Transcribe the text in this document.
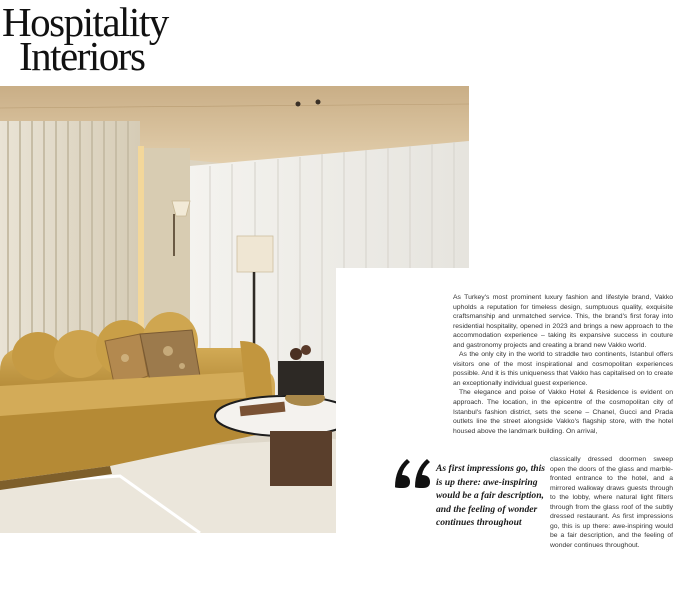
Hospitality
Interiors

As Turkey's most prominent luxury fashion and lifestyle brand, Vakko upholds a reputation for timeless design, sumptuous quality, exquisite craftsmanship and unmatched service. This, the brand's first foray into residential hospitality, opened in 2023 and brings a new approach to the accommodation experience – taking its expansive success in couture and gastronomy projects and creating a brand new Vakko world.

As the only city in the world to straddle two continents, Istanbul offers visitors one of the most inspirational and cosmopolitan experiences possible. And it is this uniqueness that Vakko has capitalised on to create an exceptionally individual guest experience.

The elegance and poise of Vakko Hotel & Residence is evident on approach. The location, in the epicentre of the cosmopolitan city of Istanbul's fashion district, sets the scene – Chanel, Gucci and Prada outlets line the street alongside Vakko's flagship store, with the hotel housed above the landmark building. On arrival,

classically dressed doormen sweep open the doors of the glass and marble-fronted entrance to the hotel, and a mirrored walkway draws guests through to the lobby, where natural light filters through from the glass roof of the subtly dressed restaurant. As first impressions go, this is up there: awe-inspiring would be a fair description, and the feeling of wonder continues throughout.
As first impressions go, this is up there: awe-inspiring would be a fair description, and the feeling of wonder continues throughout
